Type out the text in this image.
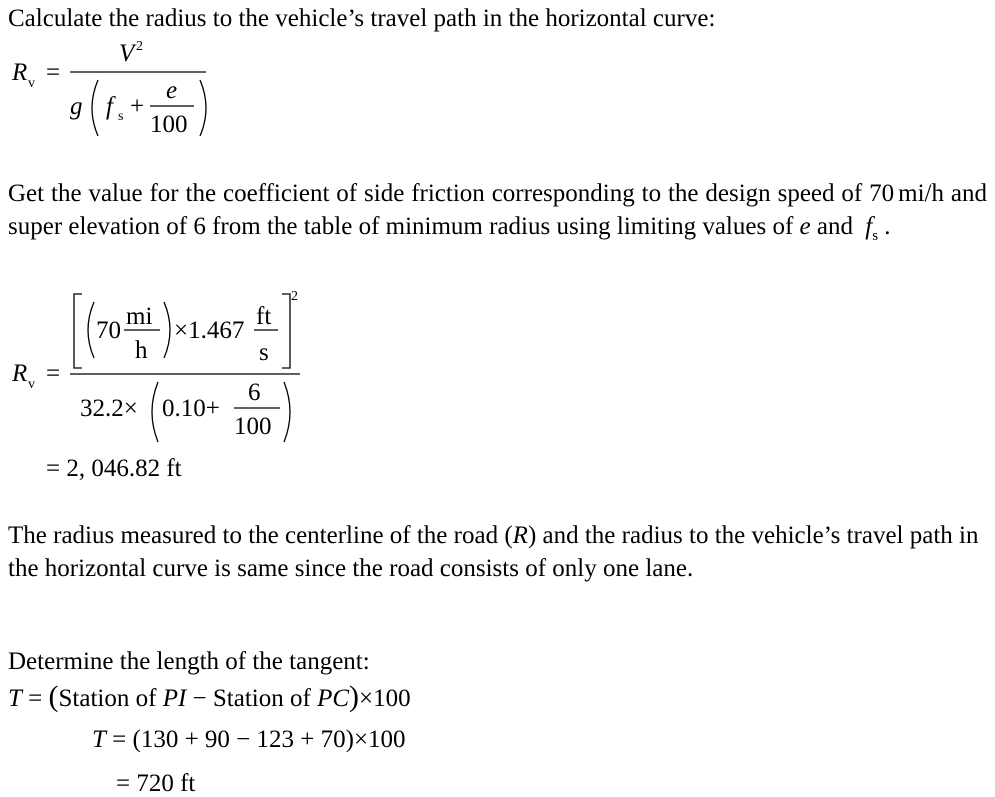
Calculate the radius to the vehicle’s travel path in the horizontal curve:

R v =
V 2
g f s +
e
100
Get the value for the coefficient of side friction corresponding to the design speed of 70 mi/h and super elevation of 6 from the table of minimum radius using limiting values of e and $f_s$ .
R v =
70
mi
h
×1.467
ft
s
2
32.2× 0.10+
6
100
= 2, 046.82 ft
The radius measured to the centerline of the road (R) and the radius to the vehicle’s travel path in the horizontal curve is same since the road consists of only one lane.

Determine the length of the tangent:

T = (Station of PI − Station of PC)×100
T = (130 + 90 − 123 + 70)×100
= 720 ft
